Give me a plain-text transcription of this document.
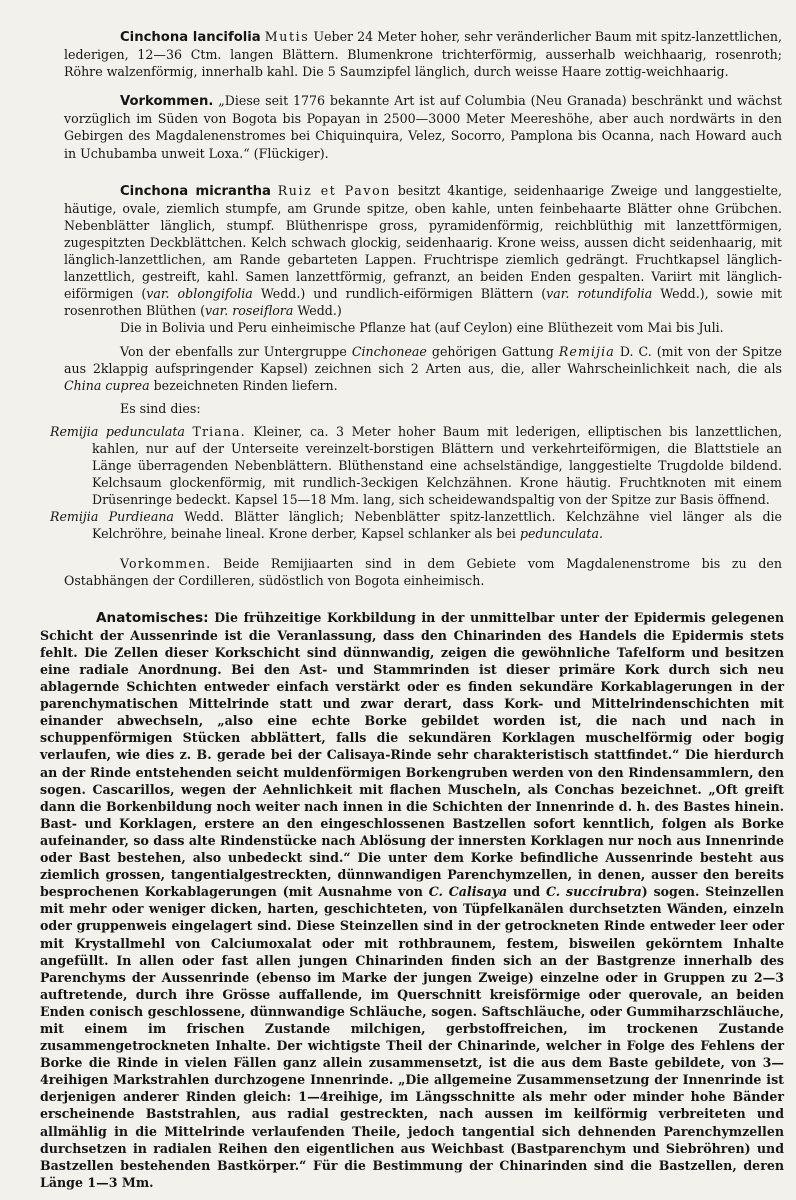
Cinchona lancifolia Mutis Ueber 24 Meter hoher, sehr veränderlicher Baum mit spitz-lanzettlichen, lederigen, 12—36 Ctm. langen Blättern. Blumenkrone trichterförmig, ausserhalb weichhaarig, rosenroth; Röhre walzenförmig, innerhalb kahl. Die 5 Saumzipfel länglich, durch weisse Haare zottig-weichhaarig.

Vorkommen. „Diese seit 1776 bekannte Art ist auf Columbia (Neu Granada) beschränkt und wächst vorzüglich im Süden von Bogota bis Popayan in 2500—3000 Meter Meereshöhe, aber auch nordwärts in den Gebirgen des Magdalenenstromes bei Chiquinquira, Velez, Socorro, Pamplona bis Ocanna, nach Howard auch in Uchubamba unweit Loxa.“ (Flückiger).

Cinchona micrantha Ruiz et Pavon besitzt 4kantige, seidenhaarige Zweige und langgestielte, häutige, ovale, ziemlich stumpfe, am Grunde spitze, oben kahle, unten feinbehaarte Blätter ohne Grübchen. Nebenblätter länglich, stumpf. Blüthenrispe gross, pyramidenförmig, reichblüthig mit lanzettförmigen, zugespitzten Deckblättchen. Kelch schwach glockig, seidenhaarig. Krone weiss, aussen dicht seidenhaarig, mit länglich-lanzettlichen, am Rande gebarteten Lappen. Fruchtrispe ziemlich gedrängt. Fruchtkapsel länglich-lanzettlich, gestreift, kahl. Samen lanzettförmig, gefranzt, an beiden Enden gespalten. Variirt mit länglich-eiförmigen (var. oblongifolia Wedd.) und rundlich-eiförmigen Blättern (var. rotundifolia Wedd.), sowie mit rosenrothen Blüthen (var. roseiflora Wedd.)

Die in Bolivia und Peru einheimische Pflanze hat (auf Ceylon) eine Blüthezeit vom Mai bis Juli.

Von der ebenfalls zur Untergruppe Cinchoneae gehörigen Gattung Remijia D. C. (mit von der Spitze aus 2klappig aufspringender Kapsel) zeichnen sich 2 Arten aus, die, aller Wahrscheinlichkeit nach, die als China cuprea bezeichneten Rinden liefern.

Es sind dies:

Remijia pedunculata Triana. Kleiner, ca. 3 Meter hoher Baum mit lederigen, elliptischen bis lanzettlichen, kahlen, nur auf der Unterseite vereinzelt-borstigen Blättern und verkehrteiförmigen, die Blattstiele an Länge überragenden Nebenblättern. Blüthenstand eine achselständige, langgestielte Trugdolde bildend. Kelchsaum glockenförmig, mit rundlich-3eckigen Kelchzähnen. Krone häutig. Fruchtknoten mit einem Drüsenringe bedeckt. Kapsel 15—18 Mm. lang, sich scheidewandspaltig von der Spitze zur Basis öffnend.

Remijia Purdieana Wedd. Blätter länglich; Nebenblätter spitz-lanzettlich. Kelchzähne viel länger als die Kelchröhre, beinahe lineal. Krone derber, Kapsel schlanker als bei pedunculata.

Vorkommen. Beide Remijiaarten sind in dem Gebiete vom Magdalenenstrome bis zu den Ostabhängen der Cordilleren, südöstlich von Bogota einheimisch.

Anatomisches: Die frühzeitige Korkbildung in der unmittelbar unter der Epidermis gelegenen Schicht der Aussenrinde ist die Veranlassung, dass den Chinarinden des Handels die Epidermis stets fehlt. Die Zellen dieser Korkschicht sind dünnwandig, zeigen die gewöhnliche Tafelform und besitzen eine radiale Anordnung. Bei den Ast- und Stammrinden ist dieser primäre Kork durch sich neu ablagernde Schichten entweder einfach verstärkt oder es finden sekundäre Korkablagerungen in der parenchymatischen Mittelrinde statt und zwar derart, dass Kork- und Mittelrindenschichten mit einander abwechseln, „also eine echte Borke gebildet worden ist, die nach und nach in schuppenförmigen Stücken abblättert, falls die sekundären Korklagen muschelförmig oder bogig verlaufen, wie dies z. B. gerade bei der Calisaya-Rinde sehr charakteristisch stattfindet.“ Die hierdurch an der Rinde entstehenden seicht muldenförmigen Borkengruben werden von den Rindensammlern, den sogen. Cascarillos, wegen der Aehnlichkeit mit flachen Muscheln, als Conchas bezeichnet. „Oft greift dann die Borkenbildung noch weiter nach innen in die Schichten der Innenrinde d. h. des Bastes hinein. Bast- und Korklagen, erstere an den eingeschlossenen Bastzellen sofort kenntlich, folgen als Borke aufeinander, so dass alte Rindenstücke nach Ablösung der innersten Korklagen nur noch aus Innenrinde oder Bast bestehen, also unbedeckt sind.“ Die unter dem Korke befindliche Aussenrinde besteht aus ziemlich grossen, tangentialgestreckten, dünnwandigen Parenchymzellen, in denen, ausser den bereits besprochenen Korkablagerungen (mit Ausnahme von C. Calisaya und C. succirubra) sogen. Steinzellen mit mehr oder weniger dicken, harten, geschichteten, von Tüpfelkanälen durchsetzten Wänden, einzeln oder gruppenweis eingelagert sind. Diese Steinzellen sind in der getrockneten Rinde entweder leer oder mit Krystallmehl von Calciumoxalat oder mit rothbraunem, festem, bisweilen gekörntem Inhalte angefüllt. In allen oder fast allen jungen Chinarinden finden sich an der Bastgrenze innerhalb des Parenchyms der Aussenrinde (ebenso im Marke der jungen Zweige) einzelne oder in Gruppen zu 2—3 auftretende, durch ihre Grösse auffallende, im Querschnitt kreisförmige oder querovale, an beiden Enden conisch geschlossene, dünnwandige Schläuche, sogen. Saftschläuche, oder Gummiharzschläuche, mit einem im frischen Zustande milchigen, gerbstoffreichen, im trockenen Zustande zusammengetrockneten Inhalte. Der wichtigste Theil der Chinarinde, welcher in Folge des Fehlens der Borke die Rinde in vielen Fällen ganz allein zusammensetzt, ist die aus dem Baste gebildete, von 3—4reihigen Markstrahlen durchzogene Innenrinde. „Die allgemeine Zusammensetzung der Innenrinde ist derjenigen anderer Rinden gleich: 1—4reihige, im Längsschnitte als mehr oder minder hohe Bänder erscheinende Baststrahlen, aus radial gestreckten, nach aussen im keilförmig verbreiteten und allmählig in die Mittelrinde verlaufenden Theile, jedoch tangential sich dehnenden Parenchymzellen durchsetzen in radialen Reihen den eigentlichen aus Weichbast (Bastparenchym und Siebröhren) und Bastzellen bestehenden Bastkörper.“ Für die Bestimmung der Chinarinden sind die Bastzellen, deren Länge 1—3 Mm.
